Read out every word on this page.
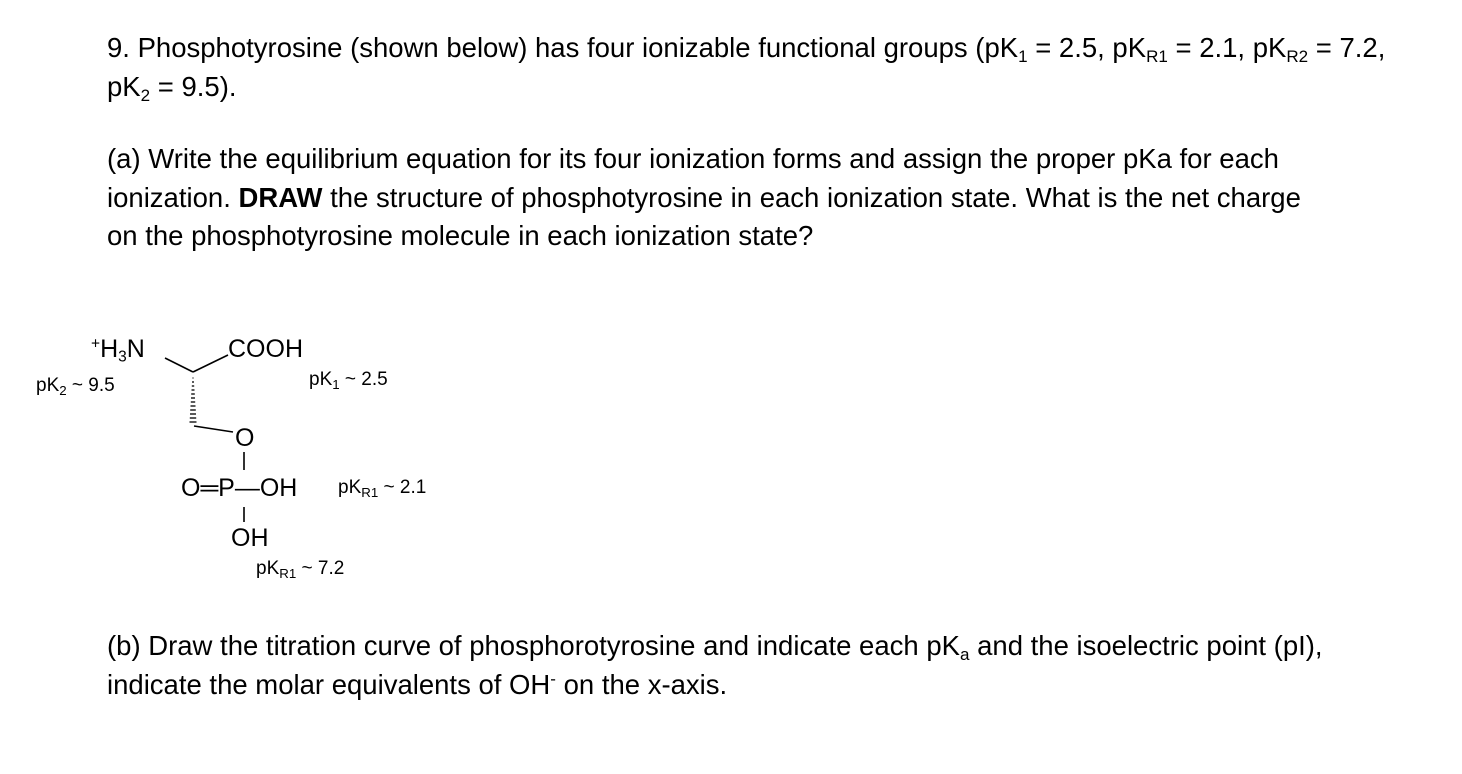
9. Phosphotyrosine (shown below) has four ionizable functional groups ($pK_1 = 2.5$, $pK_{R1} = 2.1$, $pK_{R2} = 7.2$, $pK_2 = 9.5$).

(a) Write the equilibrium equation for its four ionization forms and assign the proper pKa for each ionization. DRAW the structure of phosphotyrosine in each ionization state. What is the net charge on the phosphotyrosine molecule in each ionization state?

$^+H_3N$	COOH
$pK_2$ ~ 9.5	$pK_1$ ~ 2.5
O
O═P—OH $pK_{R1}$ ~ 2.1
OH
$pK_{R1}$ ~ 7.2

(b) Draw the titration curve of phosphorotyrosine and indicate each $pK_a$ and the isoelectric point (pI), indicate the molar equivalents of OH- on the x-axis.
